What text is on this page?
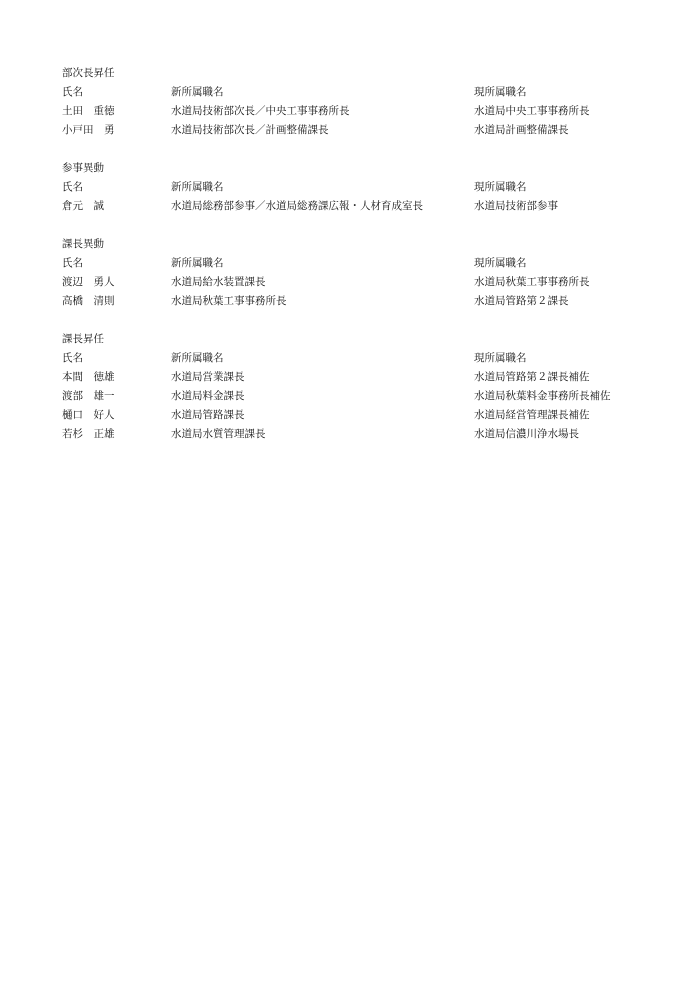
部次長昇任
氏名	新所属職名	現所属職名
土田　重徳	水道局技術部次長／中央工事事務所長	水道局中央工事事務所長
小戸田　勇	水道局技術部次長／計画整備課長	水道局計画整備課長
参事異動
氏名	新所属職名	現所属職名
倉元　誠	水道局総務部参事／水道局総務課広報・人材育成室長	水道局技術部参事
課長異動
氏名	新所属職名	現所属職名
渡辺　勇人	水道局給水装置課長	水道局秋葉工事事務所長
高橋　清則	水道局秋葉工事事務所長	水道局管路第２課長
課長昇任
氏名	新所属職名	現所属職名
本間　徳雄	水道局営業課長	水道局管路第２課長補佐
渡部　雄一	水道局料金課長	水道局秋葉料金事務所長補佐
樋口　好人	水道局管路課長	水道局経営管理課長補佐
若杉　正雄	水道局水質管理課長	水道局信濃川浄水場長
